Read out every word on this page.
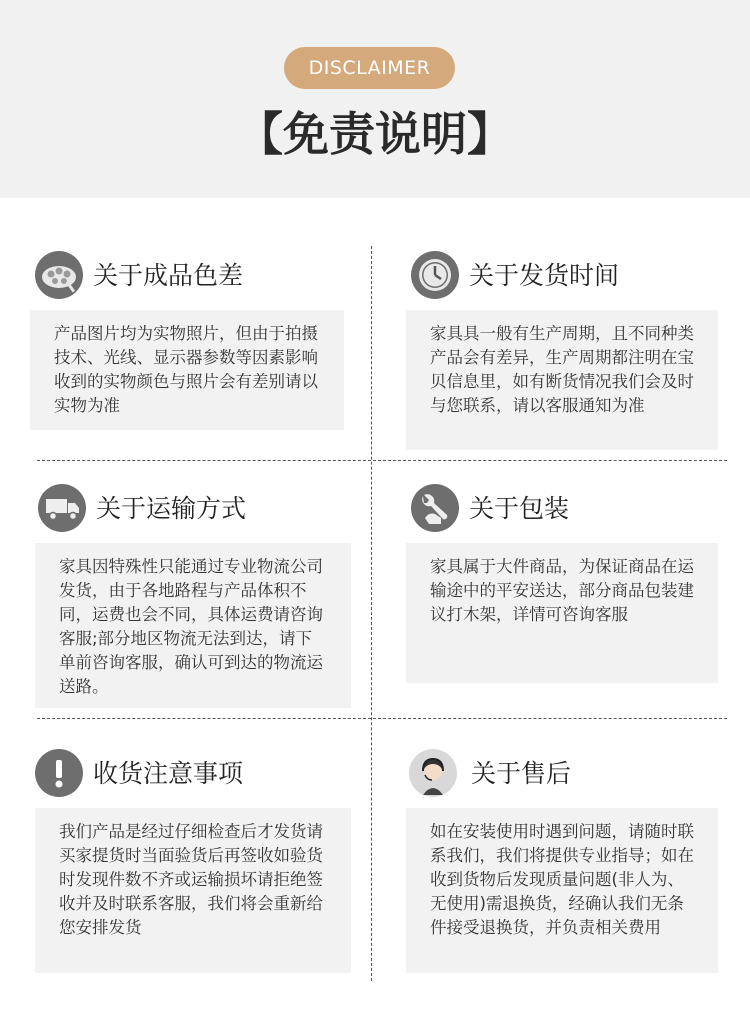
DISCLAIMER
【免责说明】
关于成品色差
产品图片均为实物照片，但由于拍摄技术、光线、显示器参数等因素影响收到的实物颜色与照片会有差别请以实物为准
关于发货时间
家具具一般有生产周期，且不同种类产品会有差异，生产周期都注明在宝贝信息里，如有断货情况我们会及时与您联系，请以客服通知为准
关于运输方式
家具因特殊性只能通过专业物流公司发货，由于各地路程与产品体积不同，运费也会不同，具体运费请咨询客服;部分地区物流无法到达，请下单前咨询客服，确认可到达的物流运送路。
关于包装
家具属于大件商品，为保证商品在运输途中的平安送达，部分商品包装建议打木架，详情可咨询客服
收货注意事项
我们产品是经过仔细检查后才发货请买家提货时当面验货后再签收如验货时发现件数不齐或运输损坏请拒绝签收并及时联系客服，我们将会重新给您安排发货
关于售后
如在安装使用时遇到问题，请随时联系我们，我们将提供专业指导；如在收到货物后发现质量问题(非人为、无使用)需退换货，经确认我们无条件接受退换货，并负责相关费用
